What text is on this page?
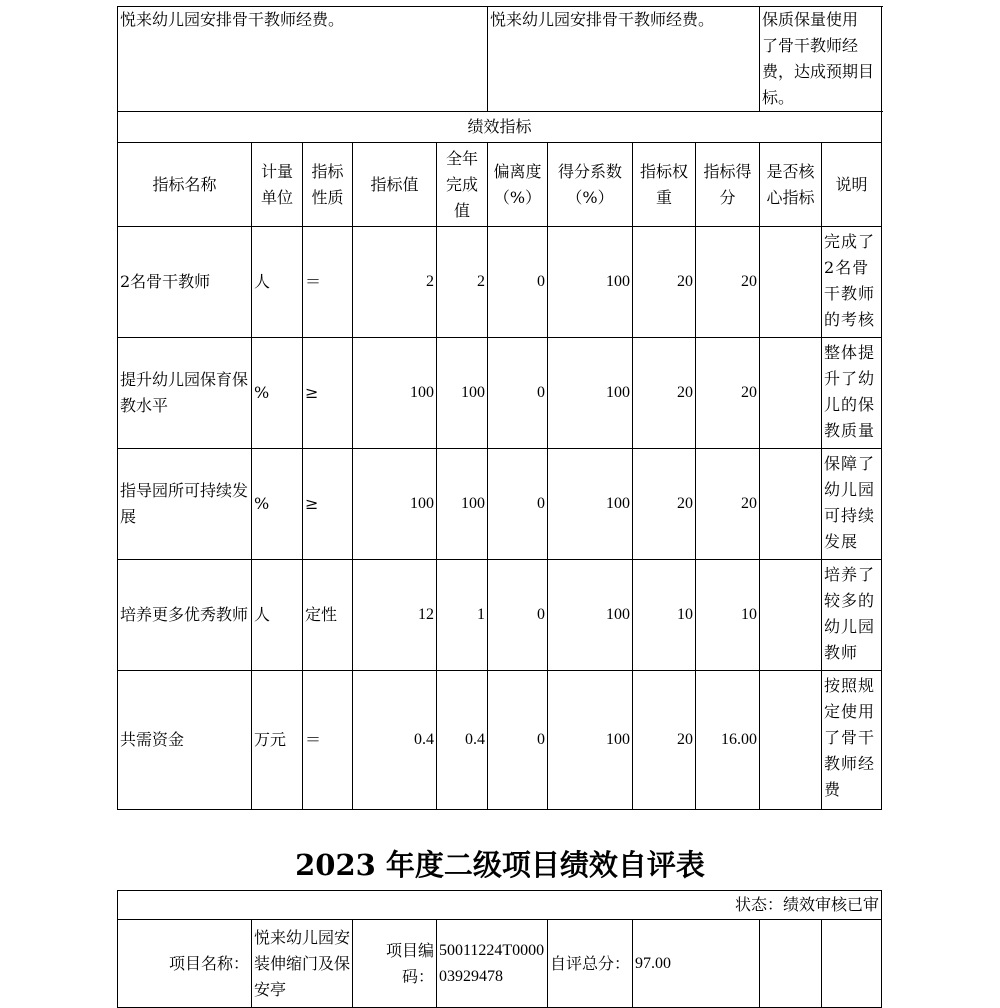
悦来幼儿园安排骨干教师经费。					悦来幼儿园安排骨干教师经费。				保质保量使用 了骨干教师经费，达成预期目标。	
绩效指标										
指标名称	计量单位	指标性质	指标值	全年完成值	偏离度（%）	得分系数（%）	指标权重	指标得分	是否核心指标	说明
2名骨干教师	人	＝	2	2	0	100	20	20		完成了2名骨干教师的考核
提升幼儿园保育保教水平	%	≥	100	100	0	100	20	20		整体提升了幼儿的保教质量
指导园所可持续发展	%	≥	100	100	0	100	20	20		保障了幼儿园可持续发展
培养更多优秀教师	人	定性	12	1	0	100	10	10		培养了较多的幼儿园教师
共需资金	万元	＝	0.4	0.4	0	100	20	16.00		按照规定使用了骨干教师经费
2023 年度二级项目绩效自评表
状态：绩效审核已审
项目名称：	悦来幼儿园安装伸缩门及保安亭	项目编码：	50011224T000003929478	自评总分：	97.00		
